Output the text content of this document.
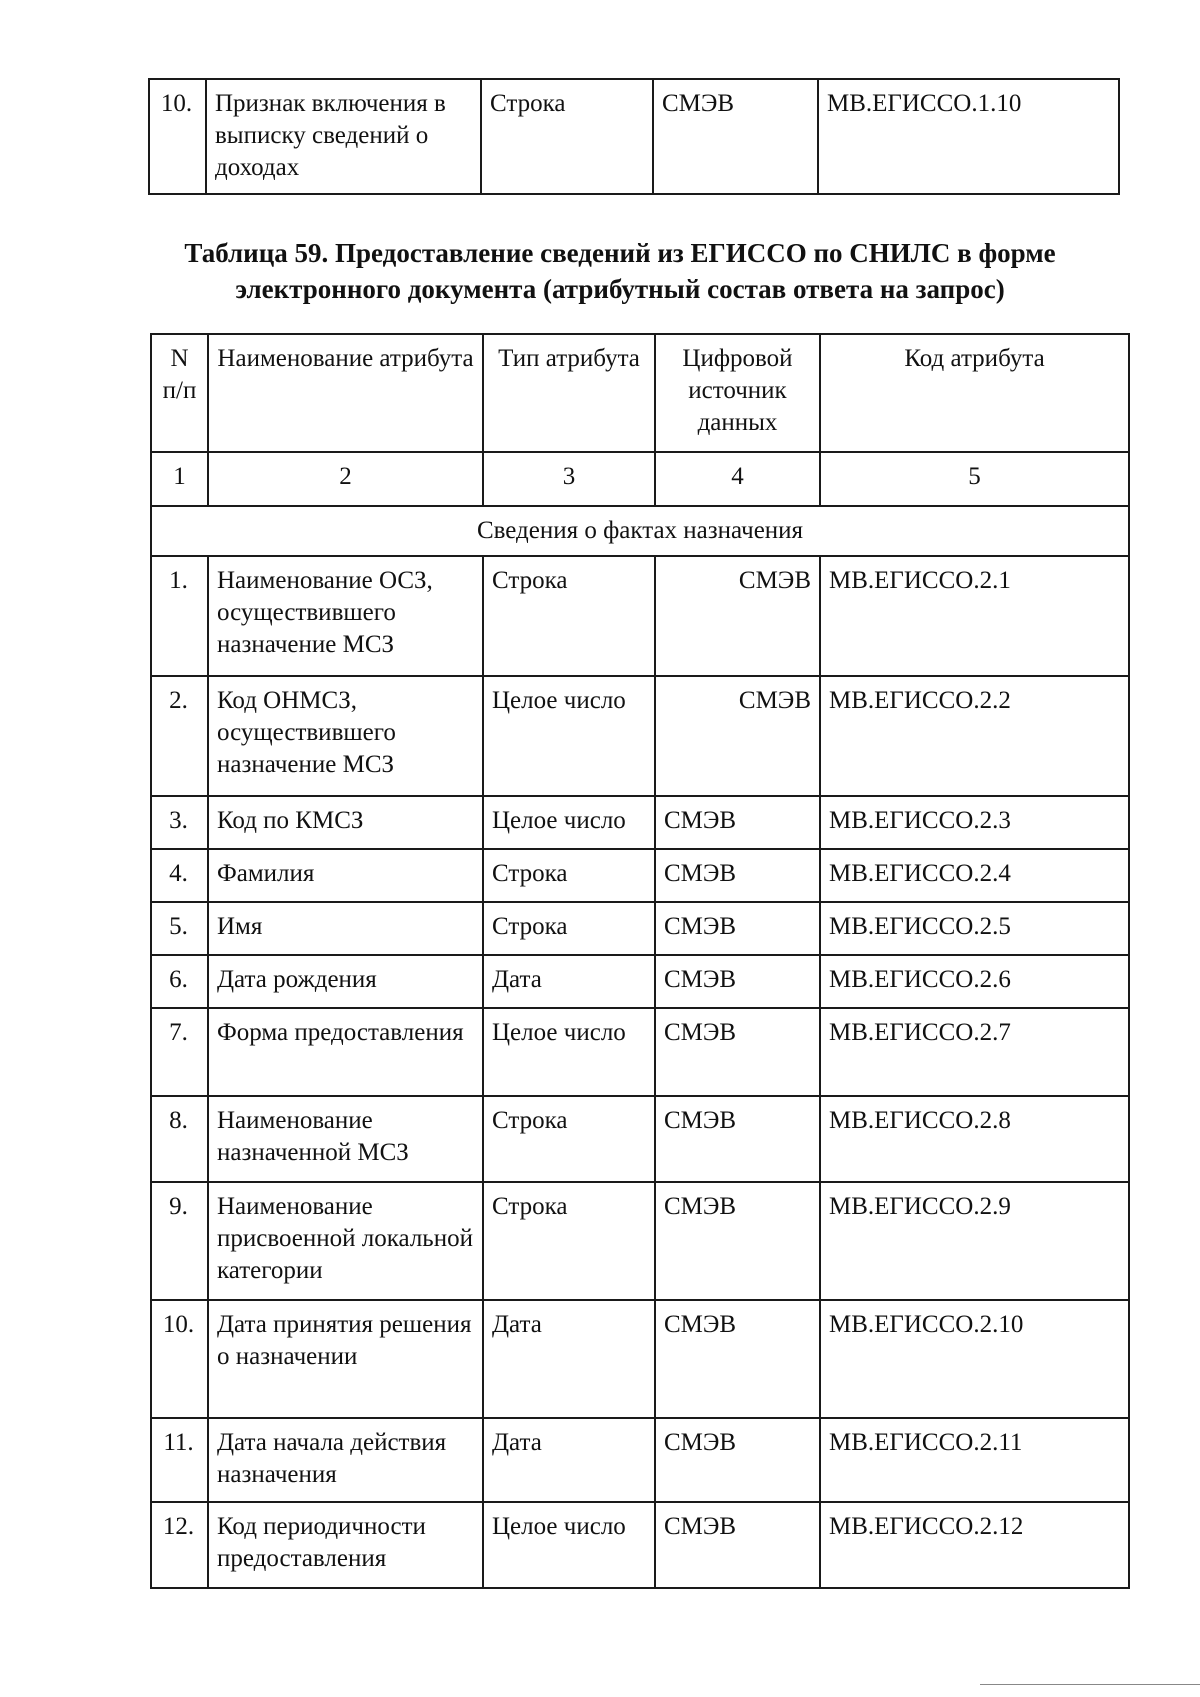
10.	Признак включения в выписку сведений о доходах	Строка	СМЭВ	МВ.ЕГИССО.1.10
Таблица 59. Предоставление сведений из ЕГИССО по СНИЛС в форме
электронного документа (атрибутный состав ответа на запрос)
N п/п	Наименование атрибута	Тип атрибута	Цифровой источник данных	Код атрибута
1	2	3	4	5
Сведения о фактах назначения				
1.	Наименование ОСЗ, осуществившего назначение МСЗ	Строка	СМЭВ	МВ.ЕГИССО.2.1
2.	Код ОНМСЗ, осуществившего назначение МСЗ	Целое число	СМЭВ	МВ.ЕГИССО.2.2
3.	Код по КМСЗ	Целое число	СМЭВ	МВ.ЕГИССО.2.3
4.	Фамилия	Строка	СМЭВ	МВ.ЕГИССО.2.4
5.	Имя	Строка	СМЭВ	МВ.ЕГИССО.2.5
6.	Дата рождения	Дата	СМЭВ	МВ.ЕГИССО.2.6
7.	Форма предоставления	Целое число	СМЭВ	МВ.ЕГИССО.2.7
8.	Наименование назначенной МСЗ	Строка	СМЭВ	МВ.ЕГИССО.2.8
9.	Наименование присвоенной локальной категории	Строка	СМЭВ	МВ.ЕГИССО.2.9
10.	Дата принятия решения о назначении	Дата	СМЭВ	МВ.ЕГИССО.2.10
11.	Дата начала действия назначения	Дата	СМЭВ	МВ.ЕГИССО.2.11
12.	Код периодичности предоставления	Целое число	СМЭВ	МВ.ЕГИССО.2.12
